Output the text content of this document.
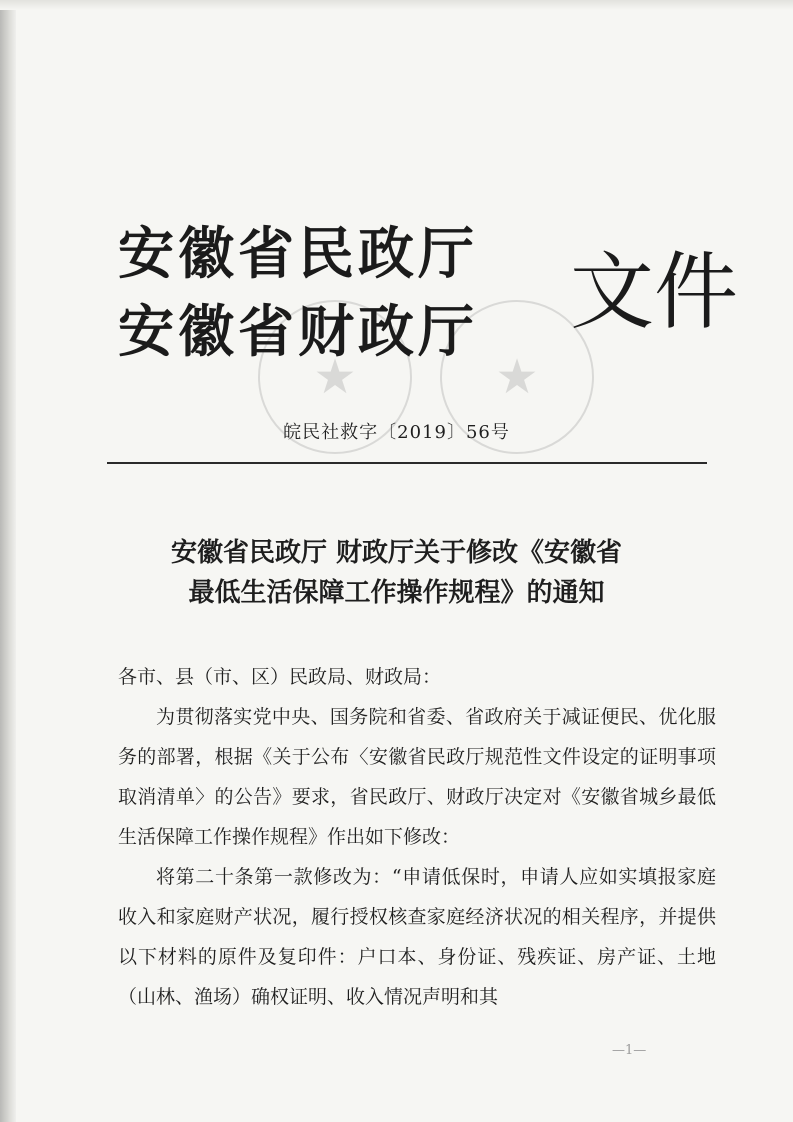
★	★
安徽省民政厅
安徽省财政厅 文件
皖民社救字〔2019〕56号
安徽省民政厅 财政厅关于修改《安徽省
最低生活保障工作操作规程》的通知

各市、县（市、区）民政局、财政局：

为贯彻落实党中央、国务院和省委、省政府关于减证便民、优化服务的部署，根据《关于公布〈安徽省民政厅规范性文件设定的证明事项取消清单〉的公告》要求，省民政厅、财政厅决定对《安徽省城乡最低生活保障工作操作规程》作出如下修改：

将第二十条第一款修改为：“申请低保时，申请人应如实填报家庭收入和家庭财产状况，履行授权核查家庭经济状况的相关程序，并提供以下材料的原件及复印件：户口本、身份证、残疾证、房产证、土地（山林、渔场）确权证明、收入情况声明和其

—1—
